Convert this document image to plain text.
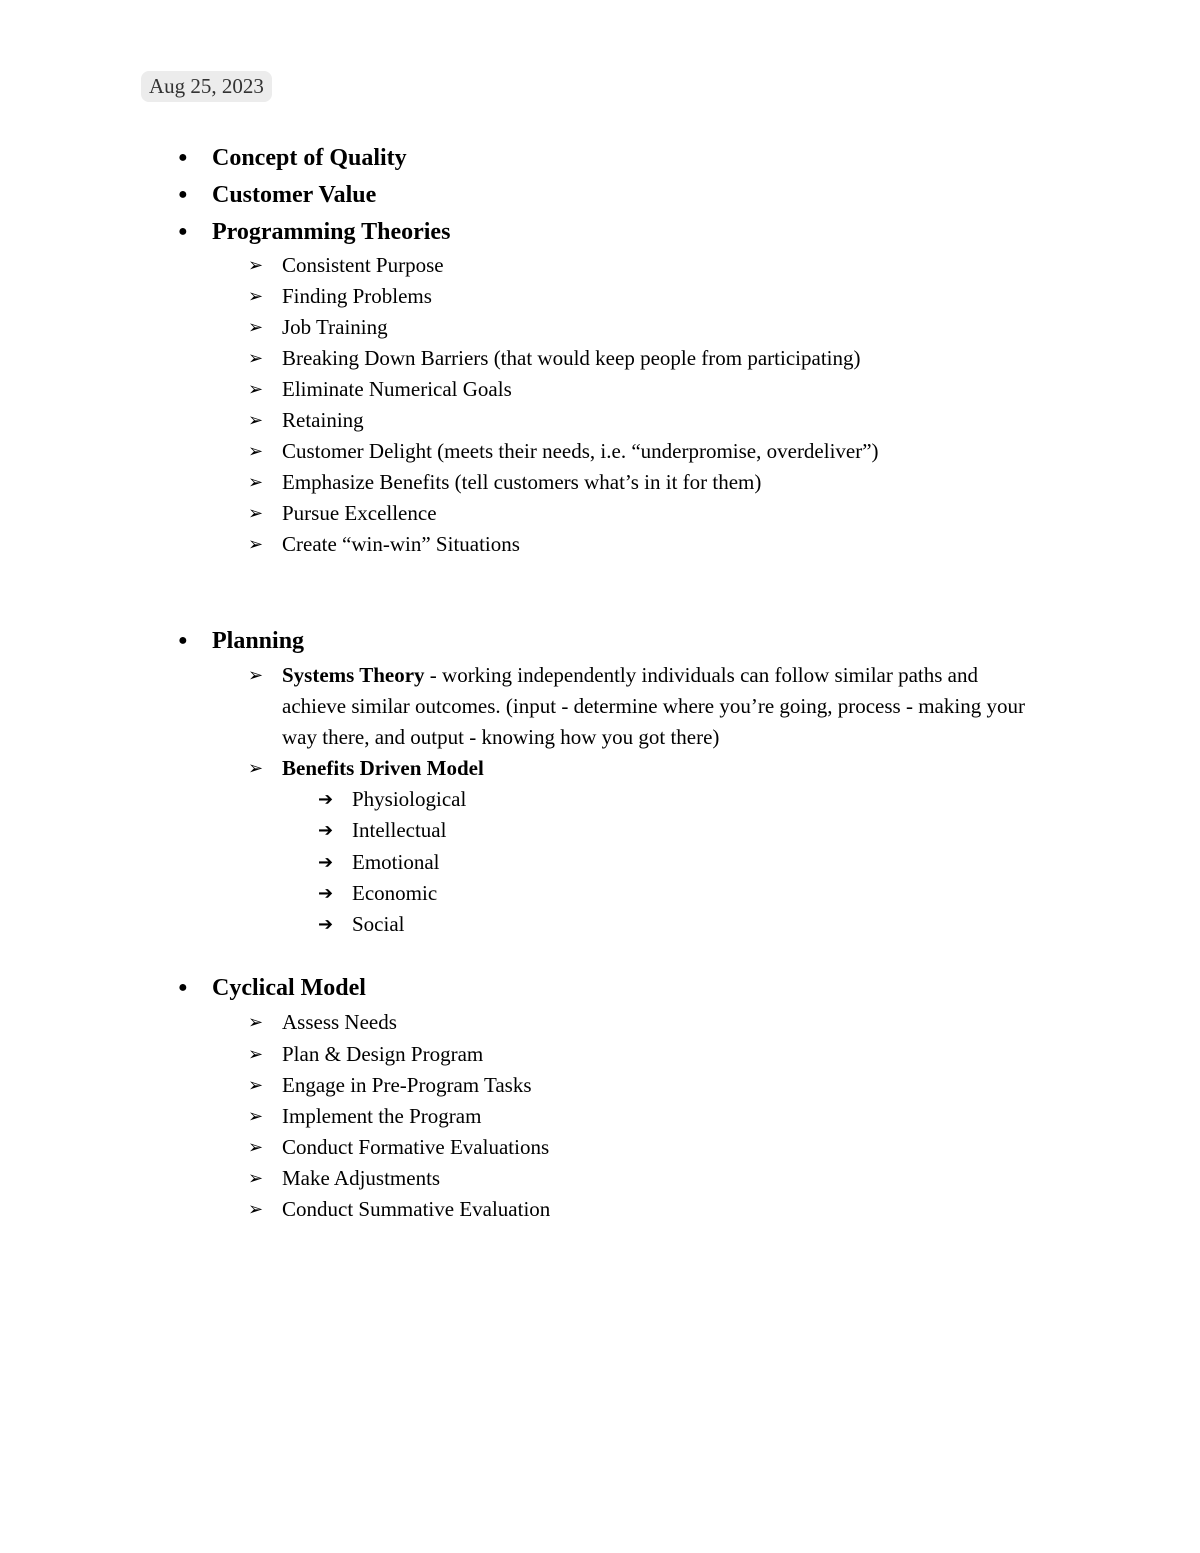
Aug 25, 2023
● Concept of Quality
● Customer Value
● Programming Theories
➢ Consistent Purpose
➢ Finding Problems
➢ Job Training
➢ Breaking Down Barriers (that would keep people from participating)
➢ Eliminate Numerical Goals
➢ Retaining
➢ Customer Delight (meets their needs, i.e. “underpromise, overdeliver”)
➢ Emphasize Benefits (tell customers what’s in it for them)
➢ Pursue Excellence
➢ Create “win-win” Situations
● Planning
➢ Systems Theory - working independently individuals can follow similar paths and achieve similar outcomes. (input - determine where you’re going, process - making your way there, and output - knowing how you got there)
➢ Benefits Driven Model
➔ Physiological
➔ Intellectual
➔ Emotional
➔ Economic
➔ Social
● Cyclical Model
➢ Assess Needs
➢ Plan & Design Program
➢ Engage in Pre-Program Tasks
➢ Implement the Program
➢ Conduct Formative Evaluations
➢ Make Adjustments
➢ Conduct Summative Evaluation
